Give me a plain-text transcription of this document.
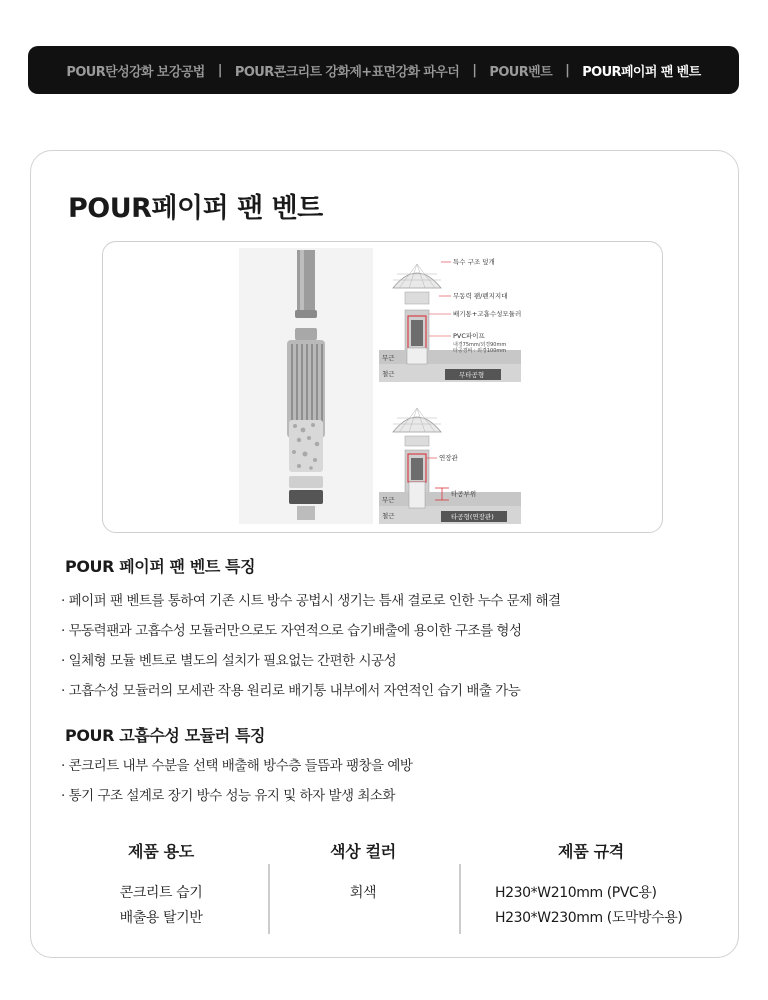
POUR탄성강화 보강공법 | POUR콘크리트 강화제+표면강화 파우더 | POUR벤트 | POUR페이퍼 팬 벤트
POUR페이퍼 팬 벤트
특수 구조 덮개
무동력 팬/펜지지대
배기통+고흡수성모듈러
PVC파이프
내경75mm/외경90mm
타공경비 : 외경100mm
무근
철근	무타공형
연장관
타공부위
무근
철근	타공형(연장관)
POUR 페이퍼 팬 벤트 특징
· 페이퍼 팬 벤트를 통하여 기존 시트 방수 공법시 생기는 틈새 결로로 인한 누수 문제 해결
· 무동력팬과 고흡수성 모듈러만으로도 자연적으로 습기배출에 용이한 구조를 형성
· 일체형 모듈 벤트로 별도의 설치가 필요없는 간편한 시공성
· 고흡수성 모듈러의 모세관 작용 원리로 배기통 내부에서 자연적인 습기 배출 가능
POUR 고흡수성 모듈러 특징
· 콘크리트 내부 수분을 선택 배출해 방수층 들뜸과 팽창을 예방
· 통기 구조 설계로 장기 방수 성능 유지 및 하자 발생 최소화
제품 용도
콘크리트 습기
배출용 탈기반
색상 컬러
회색
제품 규격
H230*W210mm (PVC용)
H230*W230mm (도막방수용)
